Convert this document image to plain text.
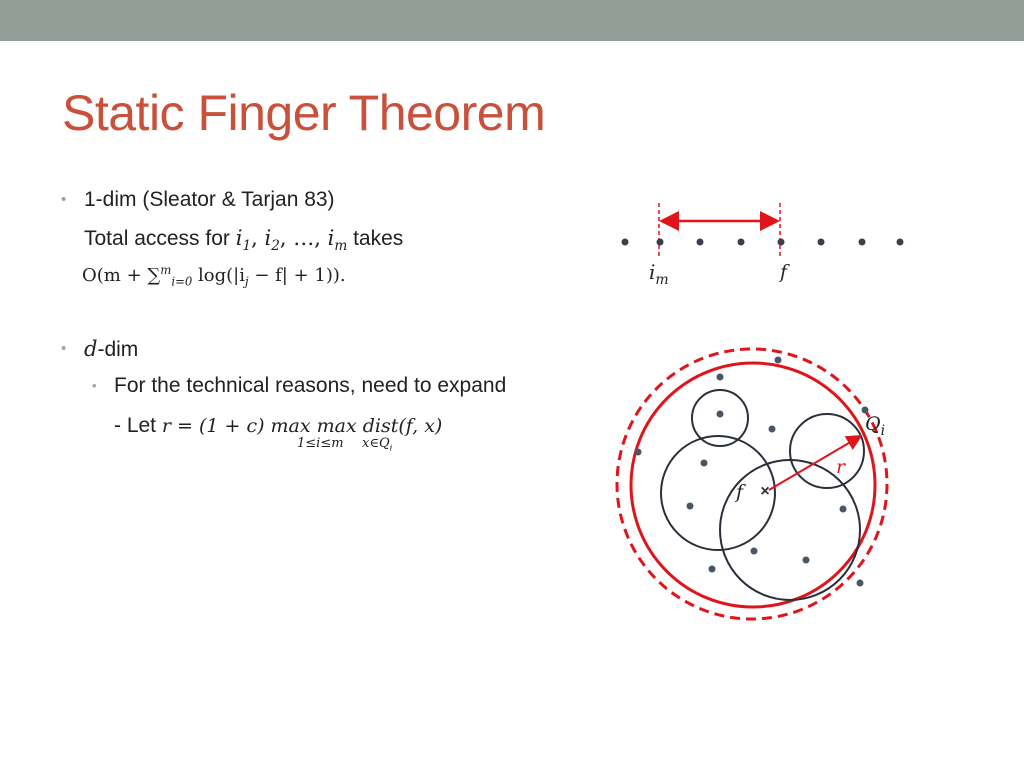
Static Finger Theorem
• 1-dim (Sleator & Tarjan 83)
Total access for $i_1$, $i_2$, …, $i_m$ takes
O(m + ∑$^m_{i=0}$ $\log(|i_j - f| + 1)$).
• d-dim
• For the technical reasons, need to expand
- Let r = (1 + c) max max dist(f, x)
1≤i≤m $x\in Q_i$
$i_m$	f
×
f
r
$Q_i$
